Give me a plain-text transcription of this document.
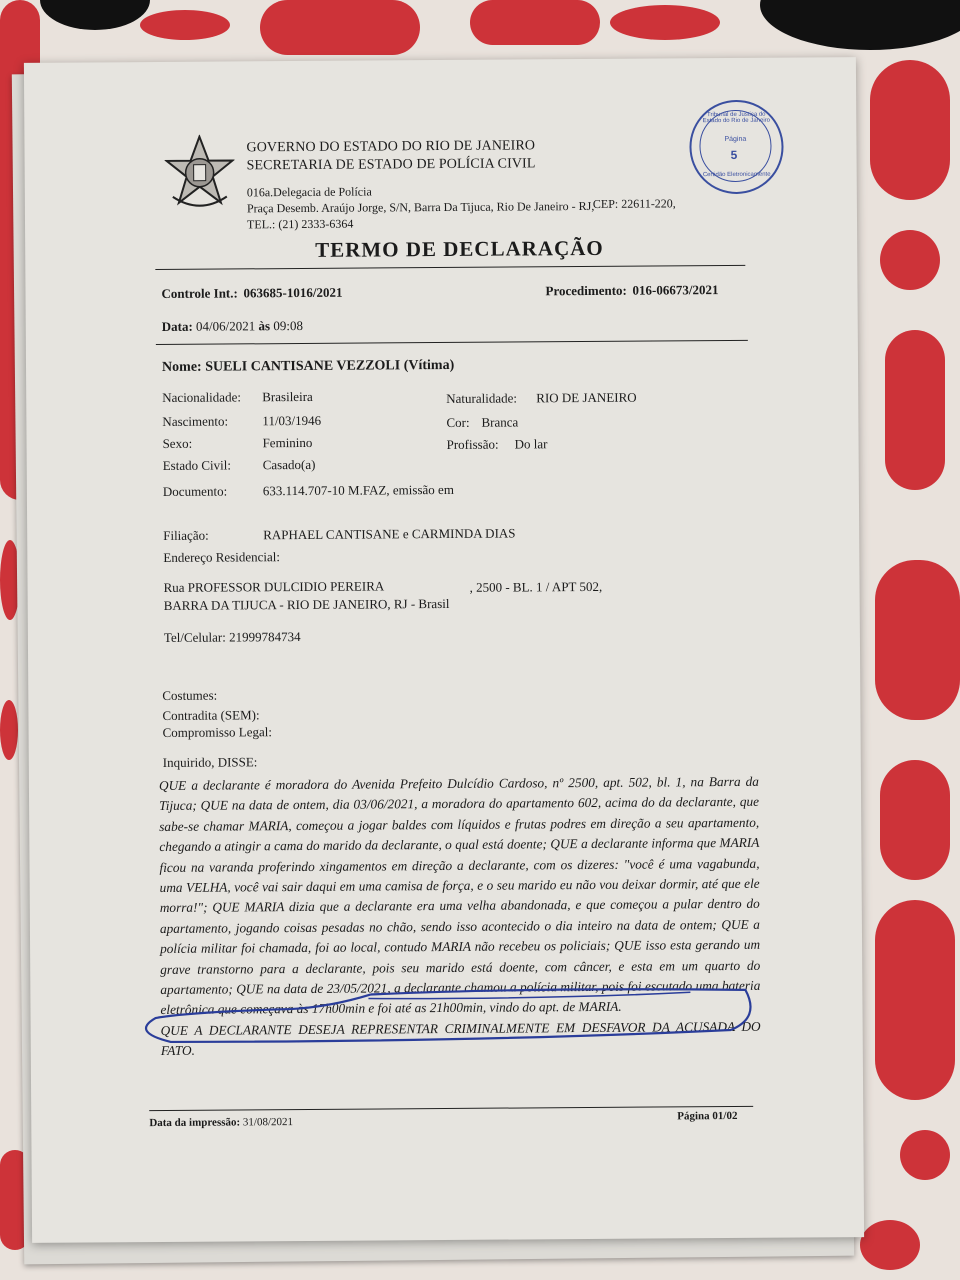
GOVERNO DO ESTADO DO RIO DE JANEIRO
SECRETARIA DE ESTADO DE POLÍCIA CIVIL
016a.Delegacia de Polícia
Praça Desemb. Araújo Jorge, S/N, Barra Da Tijuca, Rio De Janeiro - RJ,
CEP: 22611-220,
TEL.: (21) 2333-6364
Tribunal de Justiça do Estado do Rio de Janeiro
Página
5
Certidão Eletronicamente
TERMO DE DECLARAÇÃO
Controle Int.: 063685-1016/2021	Procedimento: 016-06673/2021
Data: 04/06/2021 às 09:08
Nome: SUELI CANTISANE VEZZOLI (Vítima)
Nacionalidade: Brasileira	Naturalidade: RIO DE JANEIRO
Nascimento:	11/03/1946	Cor: Branca
Sexo:	Feminino	Profissão: Do lar
Estado Civil: Casado(a)
Documento:	633.114.707-10 M.FAZ, emissão em
Filiação:	RAPHAEL CANTISANE e CARMINDA DIAS
Endereço Residencial:
Rua PROFESSOR DULCIDIO PEREIRA	, 2500 - BL. 1 / APT 502,
BARRA DA TIJUCA - RIO DE JANEIRO, RJ - Brasil
Tel/Celular: 21999784734
Costumes:
Contradita (SEM):
Compromisso Legal:
Inquirido, DISSE:
QUE a declarante é moradora do Avenida Prefeito Dulcídio Cardoso, nº 2500, apt. 502, bl. 1, na Barra da Tijuca; QUE na data de ontem, dia 03/06/2021, a moradora do apartamento 602, acima do da declarante, que sabe-se chamar MARIA, começou a jogar baldes com líquidos e frutas podres em direção a seu apartamento, chegando a atingir a cama do marido da declarante, o qual está doente; QUE a declarante informa que MARIA ficou na varanda proferindo xingamentos em direção a declarante, com os dizeres: "você é uma vagabunda, uma VELHA, você vai sair daqui em uma camisa de força, e o seu marido eu não vou deixar dormir, até que ele morra!"; QUE MARIA dizia que a declarante era uma velha abandonada, e que começou a pular dentro do apartamento, jogando coisas pesadas no chão, sendo isso acontecido o dia inteiro na data de ontem; QUE a polícia militar foi chamada, foi ao local, contudo MARIA não recebeu os policiais; QUE isso esta gerando um grave transtorno para a declarante, pois seu marido está doente, com câncer, e esta em um quarto do apartamento; QUE na data de 23/05/2021, a declarante chamou a polícia militar, pois foi escutado uma bateria eletrônica que começava às 17h00min e foi até as 21h00min, vindo do apt. de MARIA.
QUE A DECLARANTE DESEJA REPRESENTAR CRIMINALMENTE EM DESFAVOR DA ACUSADA DO FATO.
Data da impressão: 31/08/2021	Página 01/02
